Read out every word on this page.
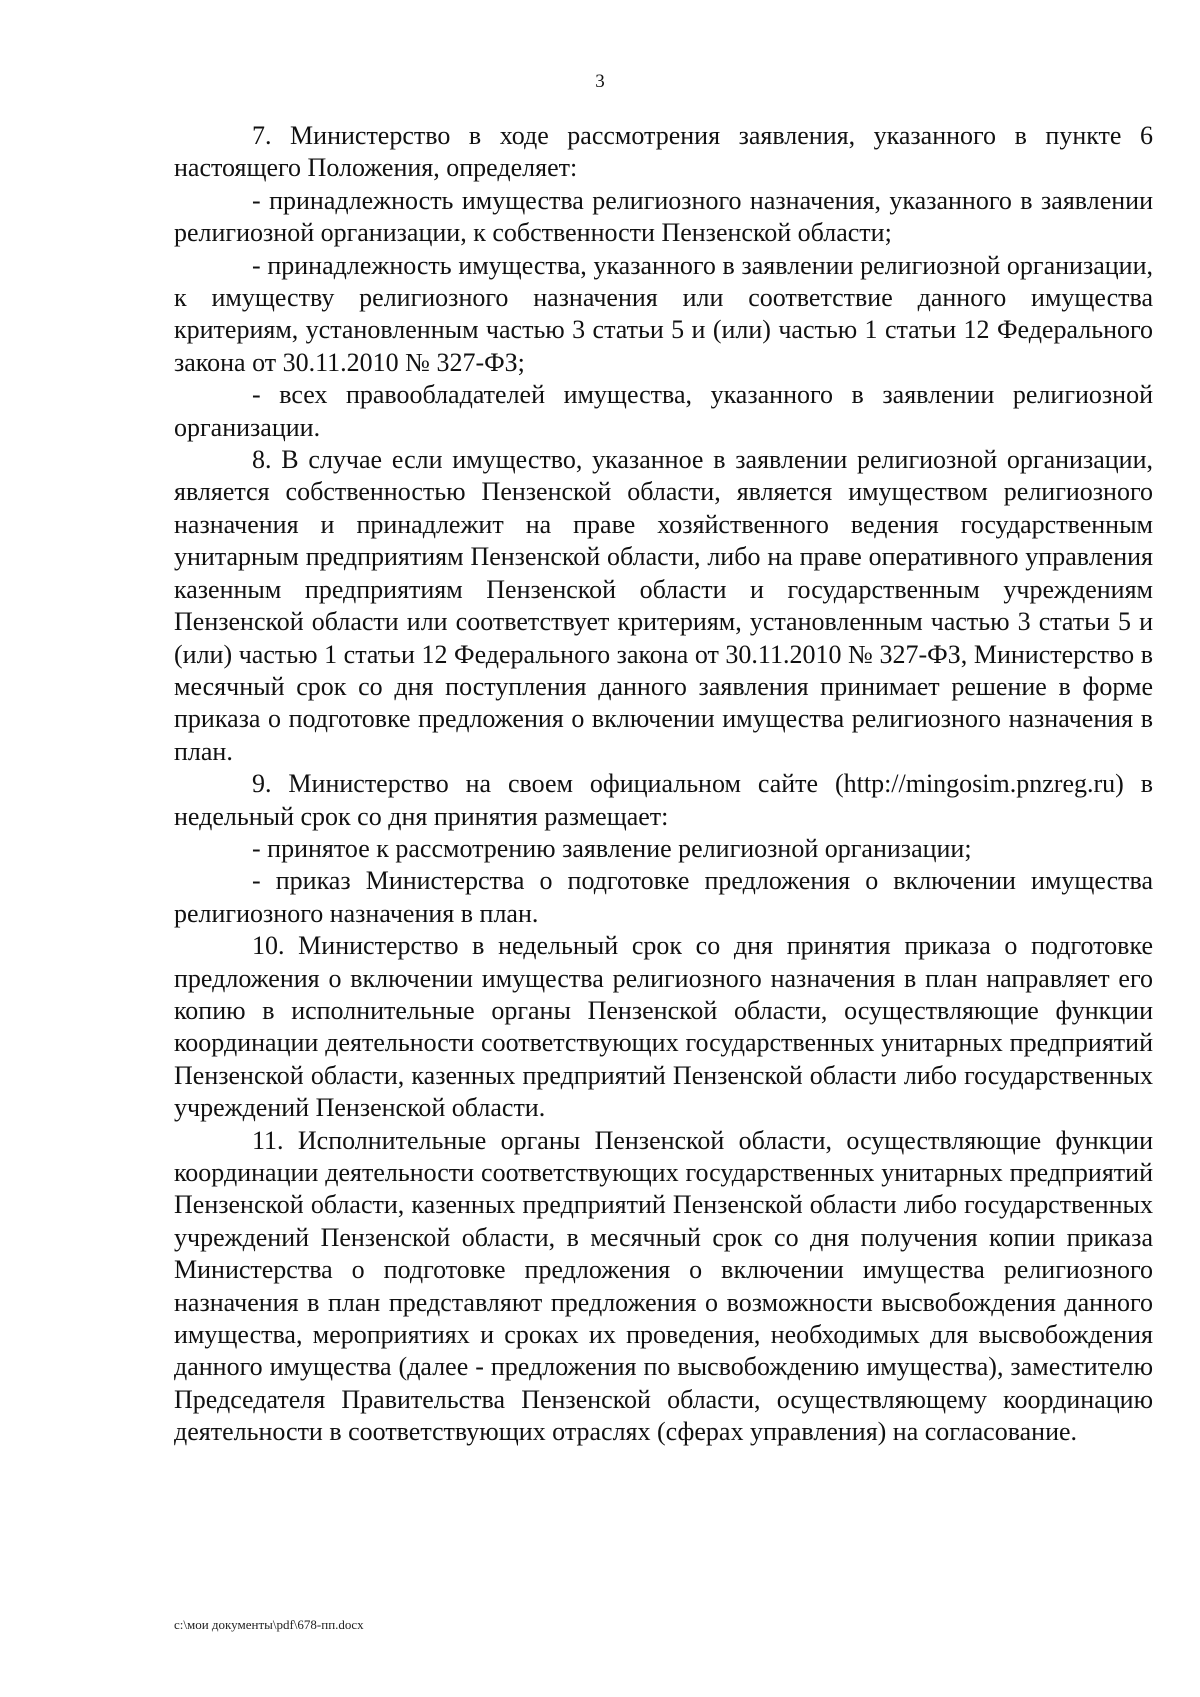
3

7. Министерство в ходе рассмотрения заявления, указанного в пункте 6 настоящего Положения, определяет:

- принадлежность имущества религиозного назначения, указанного в заявлении религиозной организации, к собственности Пензенской области;

- принадлежность имущества, указанного в заявлении религиозной организации, к имуществу религиозного назначения или соответствие данного имущества критериям, установленным частью 3 статьи 5 и (или) частью 1 статьи 12 Федерального закона от 30.11.2010 № 327-ФЗ;

- всех правообладателей имущества, указанного в заявлении религиозной организации.

8. В случае если имущество, указанное в заявлении религиозной организации, является собственностью Пензенской области, является имуществом религиозного назначения и принадлежит на праве хозяйственного ведения государственным унитарным предприятиям Пензенской области, либо на праве оперативного управления казенным предприятиям Пензенской области и государственным учреждениям Пензенской области или соответствует критериям, установленным частью 3 статьи 5 и (или) частью 1 статьи 12 Федерального закона от 30.11.2010 № 327-ФЗ, Министерство в месячный срок со дня поступления данного заявления принимает решение в форме приказа о подготовке предложения о включении имущества религиозного назначения в план.

9. Министерство на своем официальном сайте (http://mingosim.pnzreg.ru) в недельный срок со дня принятия размещает:

- принятое к рассмотрению заявление религиозной организации;

- приказ Министерства о подготовке предложения о включении имущества религиозного назначения в план.

10. Министерство в недельный срок со дня принятия приказа о подготовке предложения о включении имущества религиозного назначения в план направляет его копию в исполнительные органы Пензенской области, осуществляющие функции координации деятельности соответствующих государственных унитарных предприятий Пензенской области, казенных предприятий Пензенской области либо государственных учреждений Пензенской области.

11. Исполнительные органы Пензенской области, осуществляющие функции координации деятельности соответствующих государственных унитарных предприятий Пензенской области, казенных предприятий Пензенской области либо государственных учреждений Пензенской области, в месячный срок со дня получения копии приказа Министерства о подготовке предложения о включении имущества религиозного назначения в план представляют предложения о возможности высвобождения данного имущества, мероприятиях и сроках их проведения, необходимых для высвобождения данного имущества (далее - предложения по высвобождению имущества), заместителю Председателя Правительства Пензенской области, осуществляющему координацию деятельности в соответствующих отраслях (сферах управления) на согласование.

c:\мои документы\pdf\678-пп.docx
